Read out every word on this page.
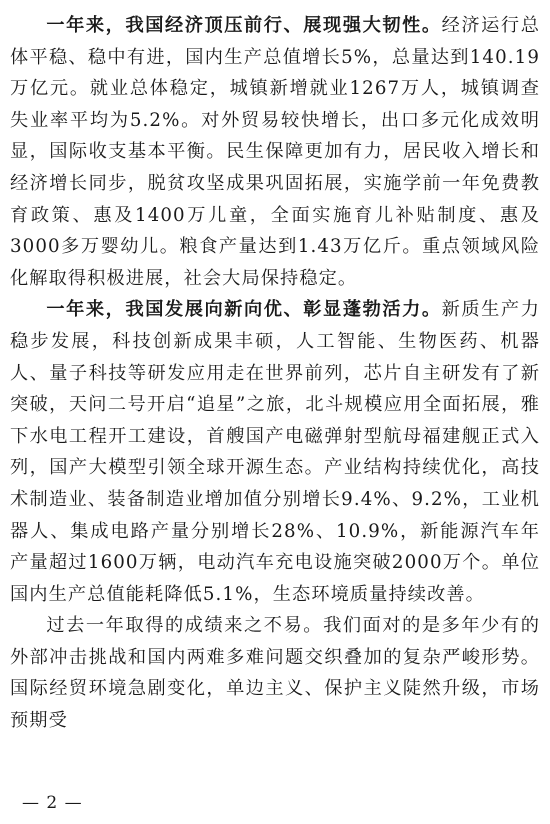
一年来，我国经济顶压前行、展现强大韧性。经济运行总体平稳、稳中有进，国内生产总值增长5%，总量达到140.19万亿元。就业总体稳定，城镇新增就业1267万人，城镇调查失业率平均为5.2%。对外贸易较快增长，出口多元化成效明显，国际收支基本平衡。民生保障更加有力，居民收入增长和经济增长同步，脱贫攻坚成果巩固拓展，实施学前一年免费教育政策、惠及1400万儿童，全面实施育儿补贴制度、惠及3000多万婴幼儿。粮食产量达到1.43万亿斤。重点领域风险化解取得积极进展，社会大局保持稳定。

一年来，我国发展向新向优、彰显蓬勃活力。新质生产力稳步发展，科技创新成果丰硕，人工智能、生物医药、机器人、量子科技等研发应用走在世界前列，芯片自主研发有了新突破，天问二号开启“追星”之旅，北斗规模应用全面拓展，雅下水电工程开工建设，首艘国产电磁弹射型航母福建舰正式入列，国产大模型引领全球开源生态。产业结构持续优化，高技术制造业、装备制造业增加值分别增长9.4%、9.2%，工业机器人、集成电路产量分别增长28%、10.9%，新能源汽车年产量超过1600万辆，电动汽车充电设施突破2000万个。单位国内生产总值能耗降低5.1%，生态环境质量持续改善。

过去一年取得的成绩来之不易。我们面对的是多年少有的外部冲击挑战和国内两难多难问题交织叠加的复杂严峻形势。国际经贸环境急剧变化，单边主义、保护主义陡然升级，市场预期受

— 2 —
